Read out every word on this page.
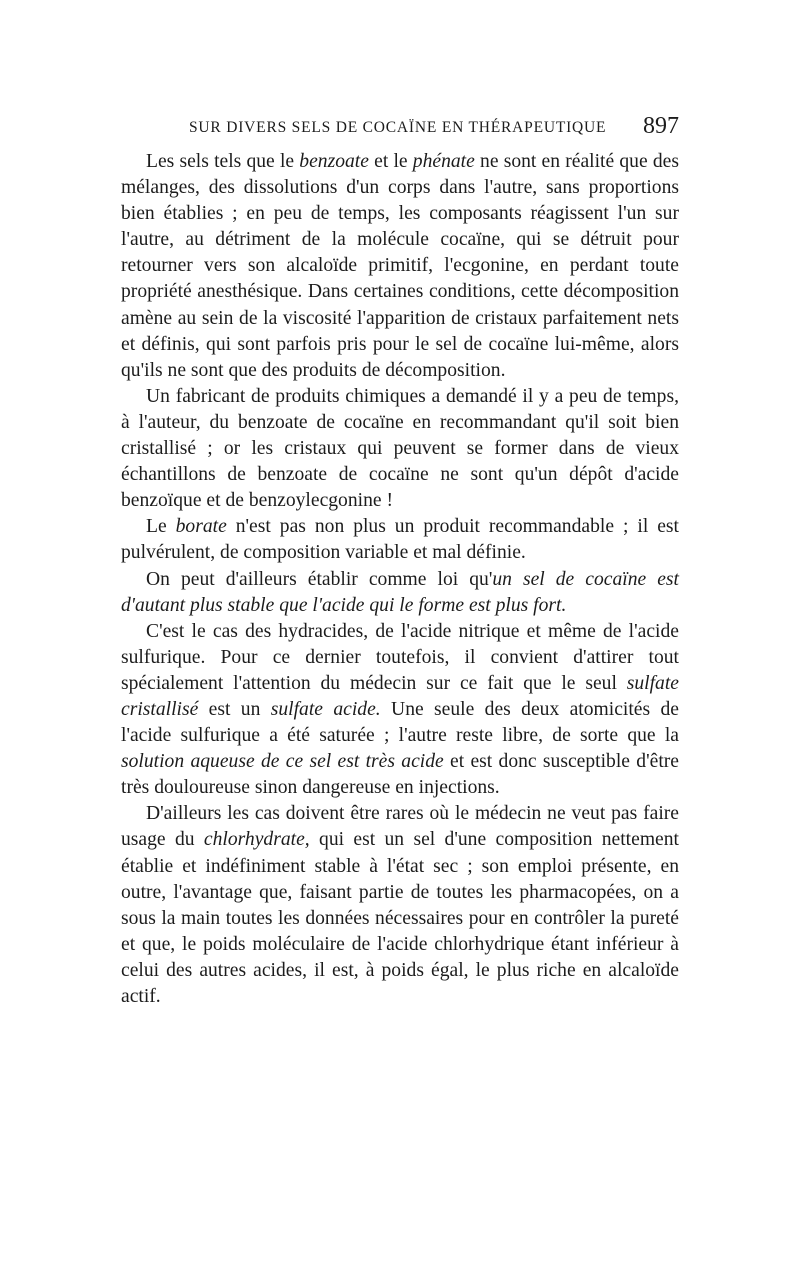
SUR DIVERS SELS DE COCAÏNE EN THÉRAPEUTIQUE 897

Les sels tels que le benzoate et le phénate ne sont en réalité que des mélanges, des dissolutions d'un corps dans l'autre, sans proportions bien établies ; en peu de temps, les composants réagissent l'un sur l'autre, au détriment de la molécule cocaïne, qui se détruit pour retourner vers son alcaloïde primitif, l'ecgonine, en perdant toute propriété anesthésique. Dans certaines conditions, cette décomposition amène au sein de la viscosité l'apparition de cristaux parfaitement nets et définis, qui sont parfois pris pour le sel de cocaïne lui-même, alors qu'ils ne sont que des produits de décomposition.

Un fabricant de produits chimiques a demandé il y a peu de temps, à l'auteur, du benzoate de cocaïne en recommandant qu'il soit bien cristallisé ; or les cristaux qui peuvent se former dans de vieux échantillons de benzoate de cocaïne ne sont qu'un dépôt d'acide benzoïque et de benzoylecgonine !

Le borate n'est pas non plus un produit recommandable ; il est pulvérulent, de composition variable et mal définie.

On peut d'ailleurs établir comme loi qu'un sel de cocaïne est d'autant plus stable que l'acide qui le forme est plus fort.

C'est le cas des hydracides, de l'acide nitrique et même de l'acide sulfurique. Pour ce dernier toutefois, il convient d'attirer tout spécialement l'attention du médecin sur ce fait que le seul sulfate cristallisé est un sulfate acide. Une seule des deux atomicités de l'acide sulfurique a été saturée ; l'autre reste libre, de sorte que la solution aqueuse de ce sel est très acide et est donc susceptible d'être très douloureuse sinon dangereuse en injections.

D'ailleurs les cas doivent être rares où le médecin ne veut pas faire usage du chlorhydrate, qui est un sel d'une composition nettement établie et indéfiniment stable à l'état sec ; son emploi présente, en outre, l'avantage que, faisant partie de toutes les pharmacopées, on a sous la main toutes les données nécessaires pour en contrôler la pureté et que, le poids moléculaire de l'acide chlorhydrique étant inférieur à celui des autres acides, il est, à poids égal, le plus riche en alcaloïde actif.
